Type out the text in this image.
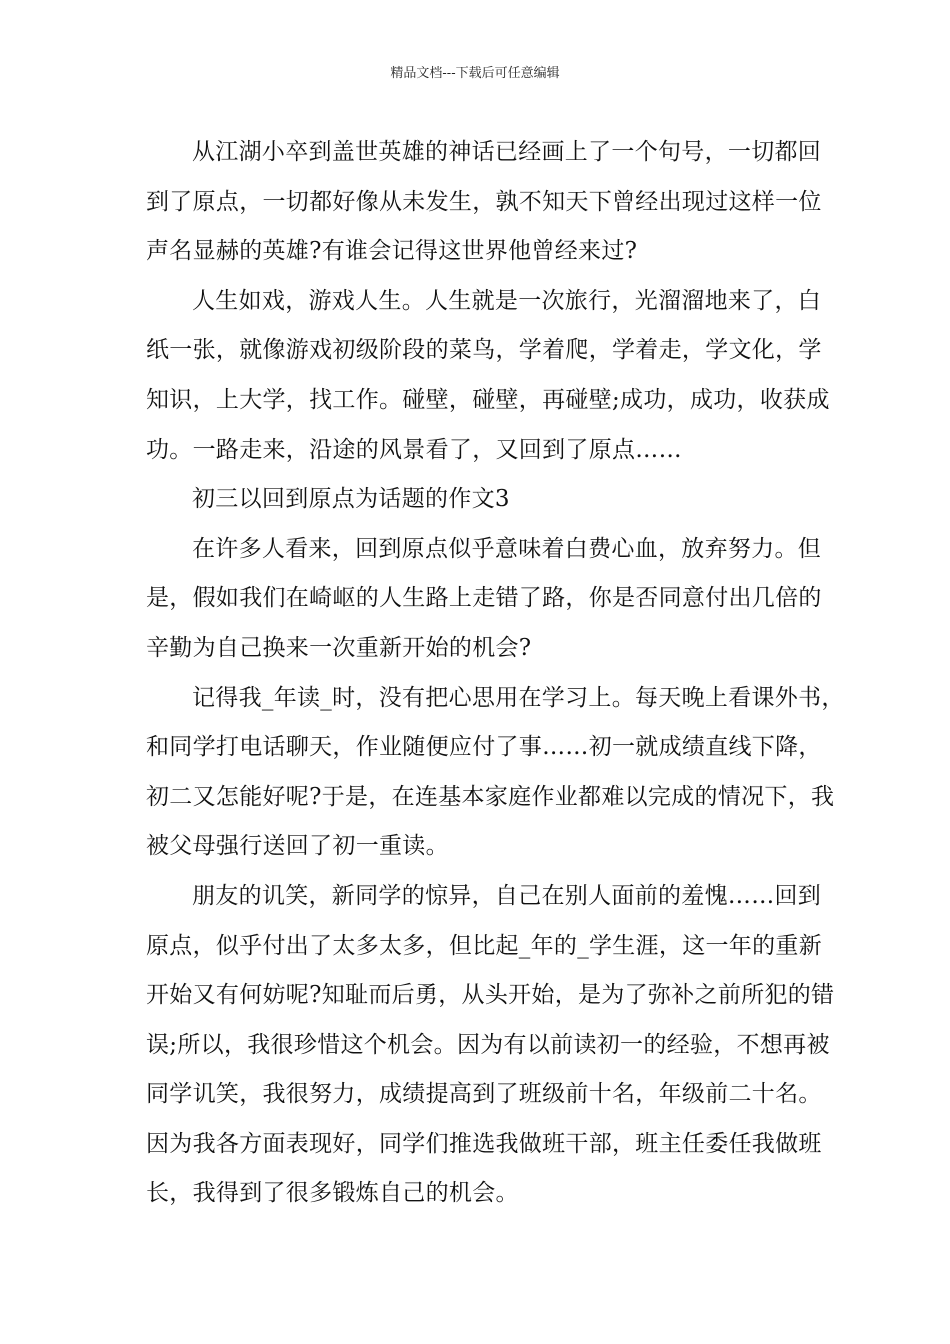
精品文档---下载后可任意编辑

从江湖小卒到盖世英雄的神话已经画上了一个句号，一切都回
到了原点，一切都好像从未发生，孰不知天下曾经出现过这样一位
声名显赫的英雄?有谁会记得这世界他曾经来过?

人生如戏，游戏人生。人生就是一次旅行，光溜溜地来了，白
纸一张，就像游戏初级阶段的菜鸟，学着爬，学着走，学文化，学
知识，上大学，找工作。碰壁，碰壁，再碰壁;成功，成功，收获成
功。一路走来，沿途的风景看了，又回到了原点……

初三以回到原点为话题的作文3

在许多人看来，回到原点似乎意味着白费心血，放弃努力。但
是，假如我们在崎岖的人生路上走错了路，你是否同意付出几倍的
辛勤为自己换来一次重新开始的机会?

记得我_年读_时，没有把心思用在学习上。每天晚上看课外书，
和同学打电话聊天，作业随便应付了事……初一就成绩直线下降，
初二又怎能好呢?于是，在连基本家庭作业都难以完成的情况下，我
被父母强行送回了初一重读。

朋友的讥笑，新同学的惊异，自己在别人面前的羞愧……回到
原点，似乎付出了太多太多，但比起_年的_学生涯，这一年的重新
开始又有何妨呢?知耻而后勇，从头开始，是为了弥补之前所犯的错
误;所以，我很珍惜这个机会。因为有以前读初一的经验，不想再被
同学讥笑，我很努力，成绩提高到了班级前十名，年级前二十名。
因为我各方面表现好，同学们推选我做班干部，班主任委任我做班
长，我得到了很多锻炼自己的机会。
